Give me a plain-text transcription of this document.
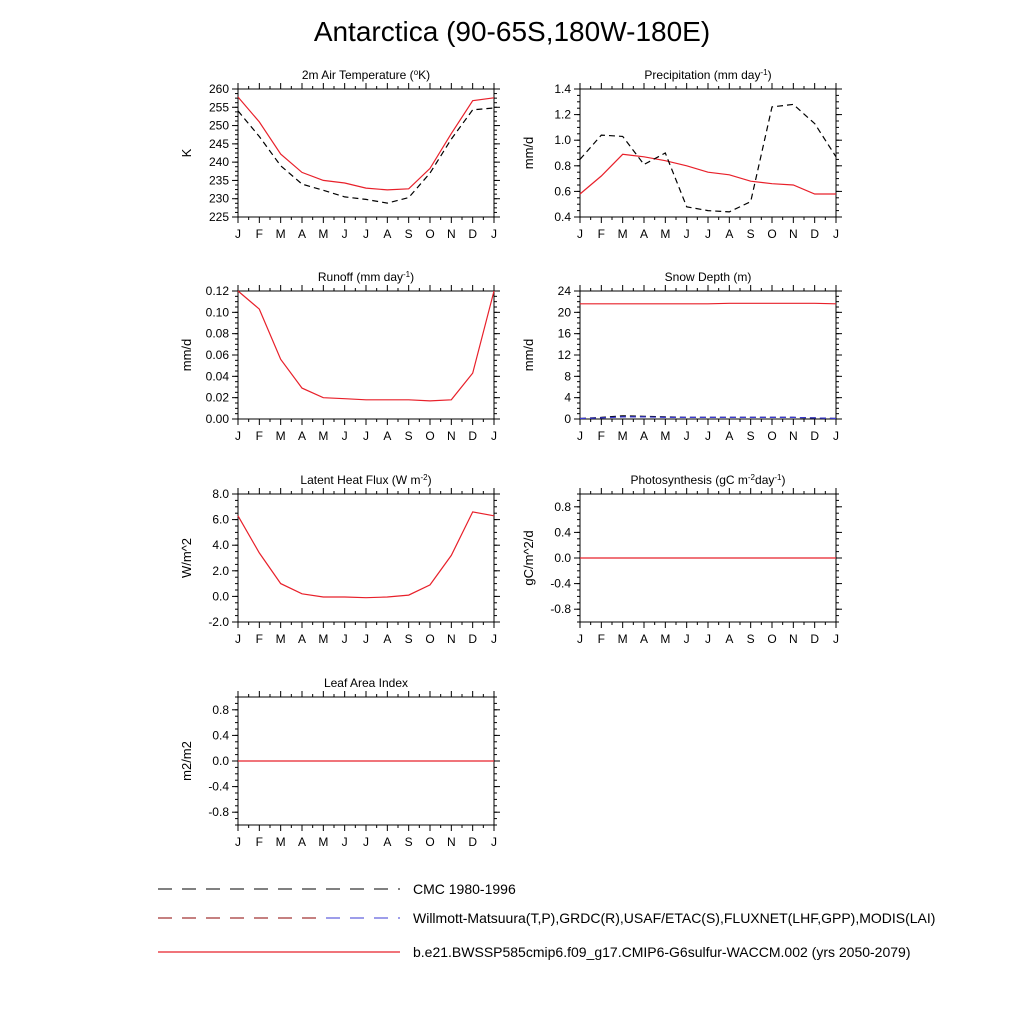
Antarctica (90-65S,180W-180E)
J F M A M J J A S O N D J
225
230
235
240
245
250
255
260
2m Air Temperature ($^o$K)
K
J F M A M J J A S O N D J
0.4
0.6
0.8
1.0
1.2
1.4
Precipitation (mm day$^{-1}$)
mm/d
J F M A M J J A S O N D J
0.00
0.02
0.04
0.06
0.08
0.10
0.12
Runoff (mm day$^{-1}$)
mm/d
J F M A M J J A S O N D J
0
4
8
12
16
20
24
Snow Depth (m)
mm/d
J F M A M J J A S O N D J
-2.0
0.0
2.0
4.0
6.0
8.0
Latent Heat Flux (W $m^{-2}$)
W/m^2
J F M A M J J A S O N D J
-0.8
-0.4
0.0
0.4
0.8
Photosynthesis (gC $m^{-2}day^{-1}$)
gC/m^2/d
J F M A M J J A S O N D J
-0.8
-0.4
0.0
0.4
0.8
Leaf Area Index
m2/m2
CMC 1980-1996
Willmott-Matsuura(T,P),GRDC(R),USAF/ETAC(S),FLUXNET(LHF,GPP),MODIS(LAI)
b.e21.BWSSP585cmip6.f09_g17.CMIP6-G6sulfur-WACCM.002 (yrs 2050-2079)
